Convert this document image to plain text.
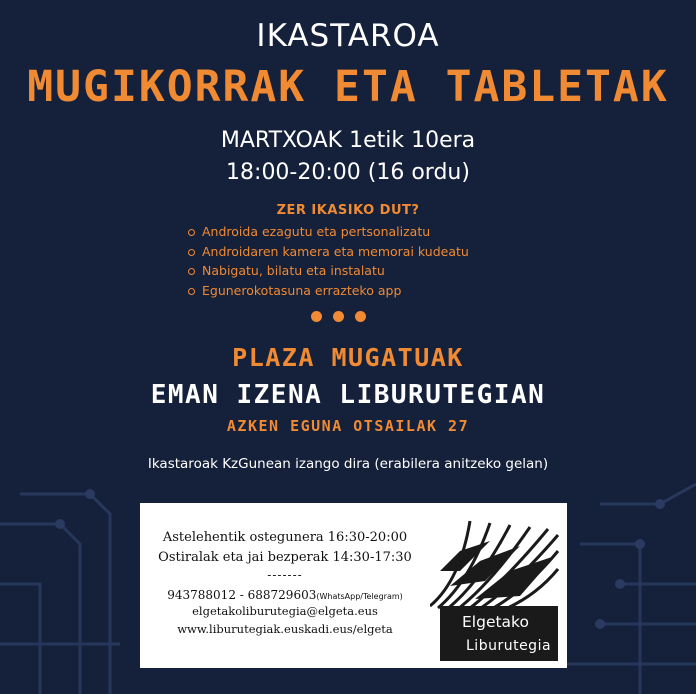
IKASTAROA
MUGIKORRAK ETA TABLETAK
MARTXOAK 1etik 10era
18:00-20:00 (16 ordu)
ZER IKASIKO DUT?
Androida ezagutu eta pertsonalizatu
Androidaren kamera eta memorai kudeatu
Nabigatu, bilatu eta instalatu
Egunerokotasuna errazteko app
PLAZA MUGATUAK
EMAN IZENA LIBURUTEGIAN
AZKEN EGUNA OTSAILAK 27
Ikastaroak KzGunean izango dira (erabilera anitzeko gelan)
Astelehentik ostegunera 16:30-20:00
Ostiralak eta jai bezperak 14:30-17:30
-------
943788012 - 688729603(WhatsApp/Telegram)
elgetakoliburutegia@elgeta.eus
www.liburutegiak.euskadi.eus/elgeta	Elgetako
Liburutegia
